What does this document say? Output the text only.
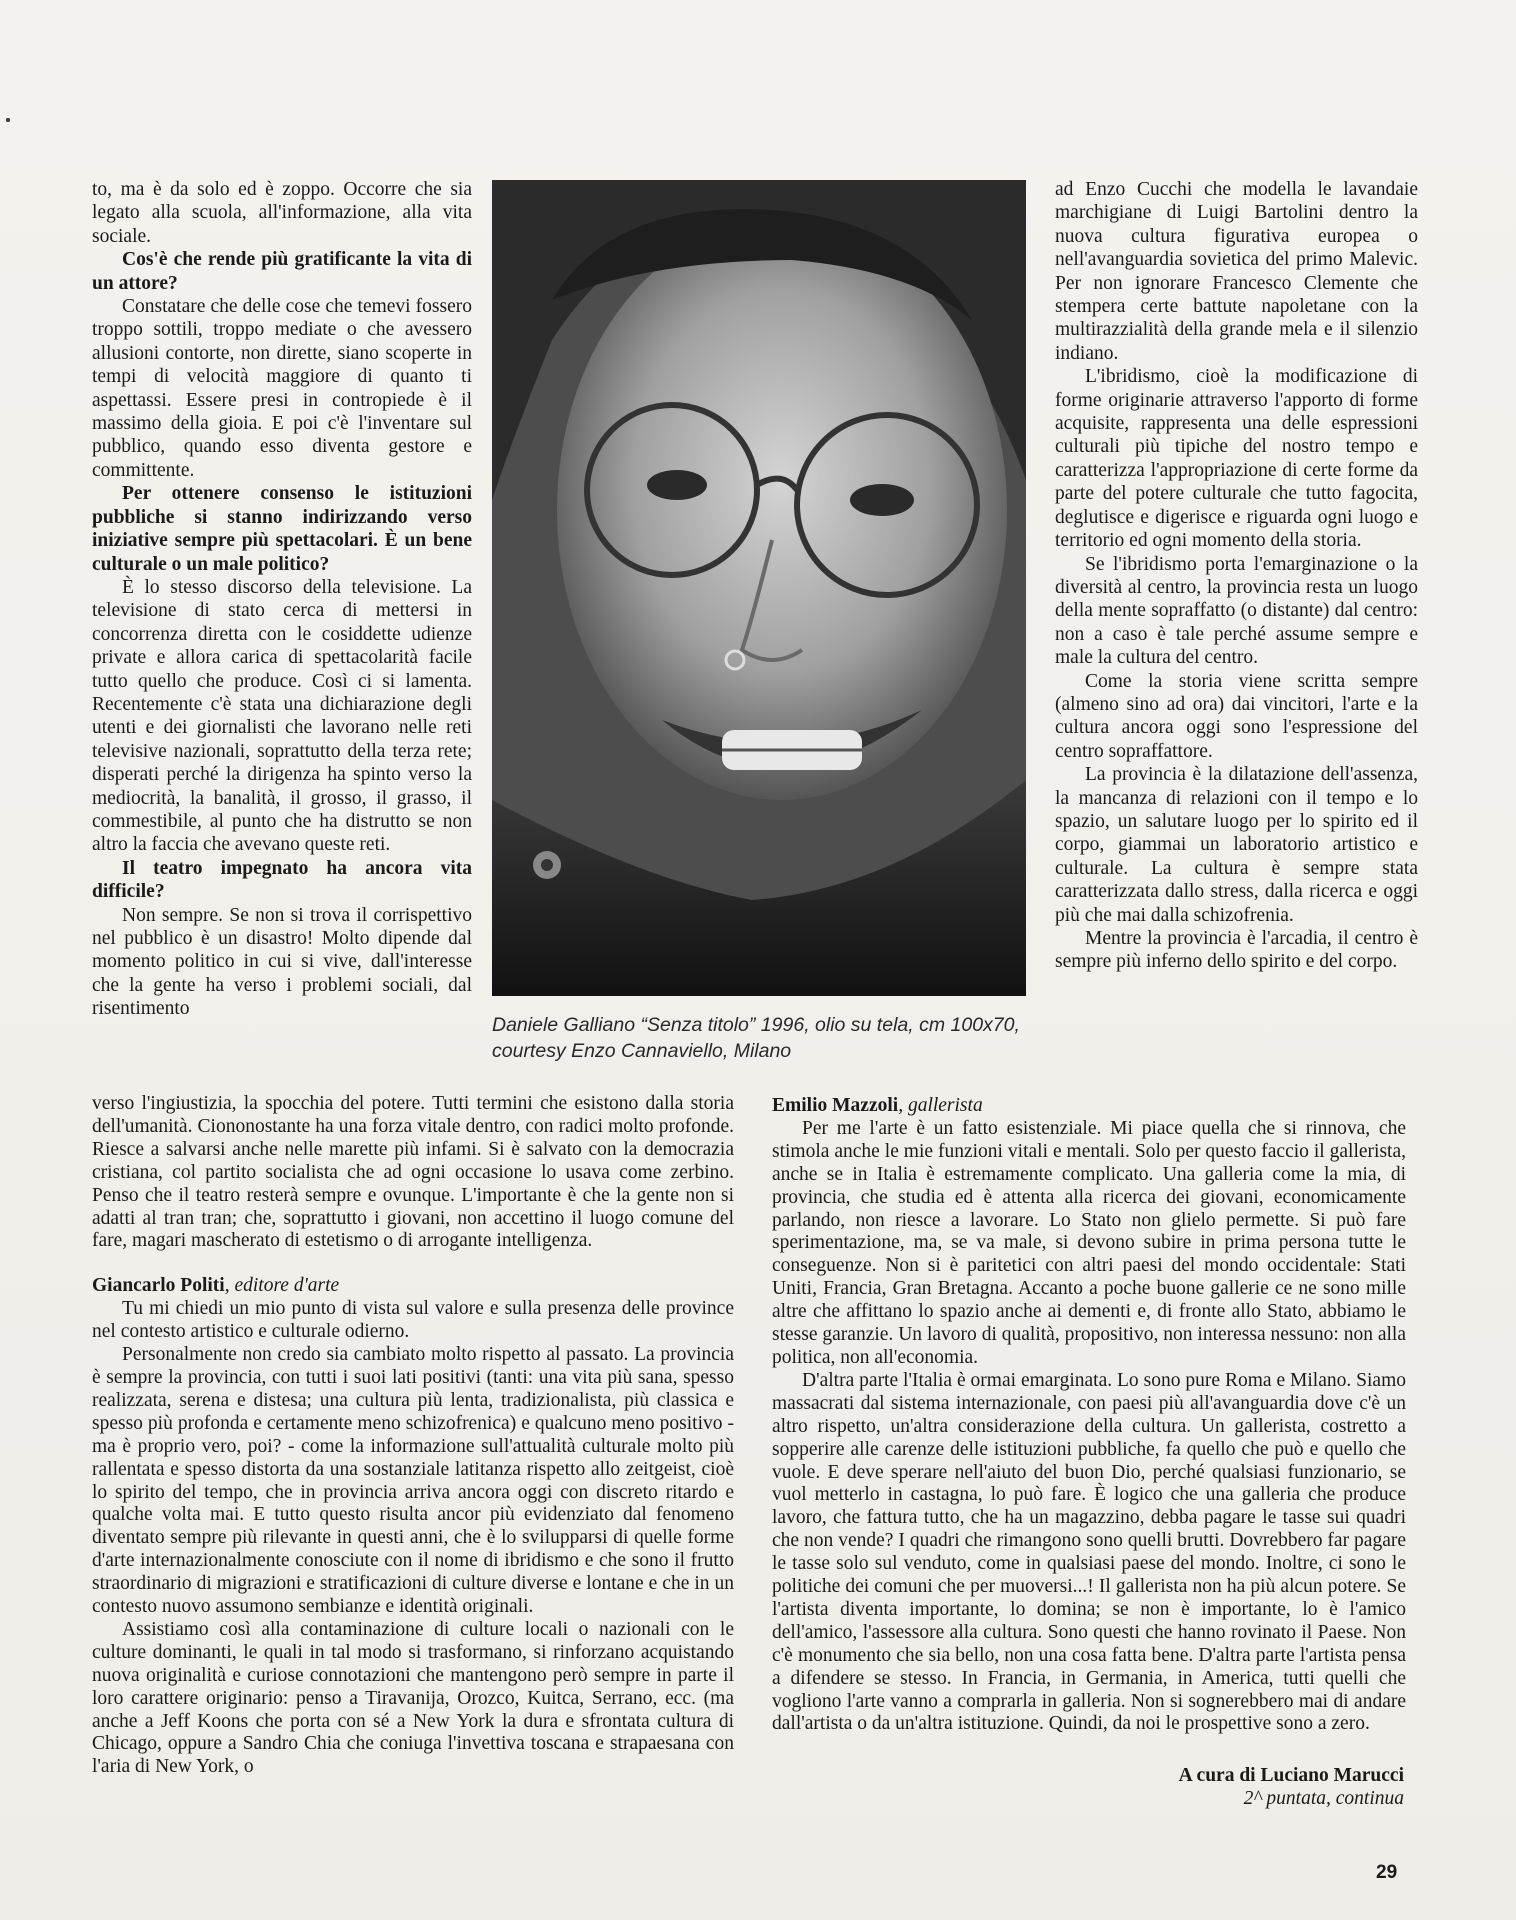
to, ma è da solo ed è zoppo. Occorre che sia legato alla scuola, all'informazione, alla vita sociale.

Cos'è che rende più gratificante la vita di un attore?

Constatare che delle cose che temevi fossero troppo sottili, troppo mediate o che avessero allusioni contorte, non dirette, siano scoperte in tempi di velocità maggiore di quanto ti aspettassi. Essere presi in contropiede è il massimo della gioia. E poi c'è l'inventare sul pubblico, quando esso diventa gestore e committente.

Per ottenere consenso le istituzioni pubbliche si stanno indirizzando verso iniziative sempre più spettacolari. È un bene culturale o un male politico?

È lo stesso discorso della televisione. La televisione di stato cerca di mettersi in concorrenza diretta con le cosiddette udienze private e allora carica di spettacolarità facile tutto quello che produce. Così ci si lamenta. Recentemente c'è stata una dichiarazione degli utenti e dei giornalisti che lavorano nelle reti televisive nazionali, soprattutto della terza rete; disperati perché la dirigenza ha spinto verso la mediocrità, la banalità, il grosso, il grasso, il commestibile, al punto che ha distrutto se non altro la faccia che avevano queste reti.

Il teatro impegnato ha ancora vita difficile?

Non sempre. Se non si trova il corrispettivo nel pubblico è un disastro! Molto dipende dal momento politico in cui si vive, dall'interesse che la gente ha verso i problemi sociali, dal risentimento

Daniele Galliano “Senza titolo” 1996, olio su tela, cm 100x70, courtesy Enzo Cannaviello, Milano

ad Enzo Cucchi che modella le lavandaie marchigiane di Luigi Bartolini dentro la nuova cultura figurativa europea o nell'avanguardia sovietica del primo Malevic. Per non ignorare Francesco Clemente che stempera certe battute napoletane con la multirazzialità della grande mela e il silenzio indiano.

L'ibridismo, cioè la modificazione di forme originarie attraverso l'apporto di forme acquisite, rappresenta una delle espressioni culturali più tipiche del nostro tempo e caratterizza l'appropriazione di certe forme da parte del potere culturale che tutto fagocita, deglutisce e digerisce e riguarda ogni luogo e territorio ed ogni momento della storia.

Se l'ibridismo porta l'emarginazione o la diversità al centro, la provincia resta un luogo della mente sopraffatto (o distante) dal centro: non a caso è tale perché assume sempre e male la cultura del centro.

Come la storia viene scritta sempre (almeno sino ad ora) dai vincitori, l'arte e la cultura ancora oggi sono l'espressione del centro sopraffattore.

La provincia è la dilatazione dell'assenza, la mancanza di relazioni con il tempo e lo spazio, un salutare luogo per lo spirito ed il corpo, giammai un laboratorio artistico e culturale. La cultura è sempre stata caratterizzata dallo stress, dalla ricerca e oggi più che mai dalla schizofrenia.

Mentre la provincia è l'arcadia, il centro è sempre più inferno dello spirito e del corpo.

verso l'ingiustizia, la spocchia del potere. Tutti termini che esistono dalla storia dell'umanità. Ciononostante ha una forza vitale dentro, con radici molto profonde. Riesce a salvarsi anche nelle marette più infami. Si è salvato con la democrazia cristiana, col partito socialista che ad ogni occasione lo usava come zerbino. Penso che il teatro resterà sempre e ovunque. L'importante è che la gente non si adatti al tran tran; che, soprattutto i giovani, non accettino il luogo comune del fare, magari mascherato di estetismo o di arrogante intelligenza.

Giancarlo Politi, editore d'arte

Tu mi chiedi un mio punto di vista sul valore e sulla presenza delle province nel contesto artistico e culturale odierno.

Personalmente non credo sia cambiato molto rispetto al passato. La provincia è sempre la provincia, con tutti i suoi lati positivi (tanti: una vita più sana, spesso realizzata, serena e distesa; una cultura più lenta, tradizionalista, più classica e spesso più profonda e certamente meno schizofrenica) e qualcuno meno positivo - ma è proprio vero, poi? - come la informazione sull'attualità culturale molto più rallentata e spesso distorta da una sostanziale latitanza rispetto allo zeitgeist, cioè lo spirito del tempo, che in provincia arriva ancora oggi con discreto ritardo e qualche volta mai. E tutto questo risulta ancor più evidenziato dal fenomeno diventato sempre più rilevante in questi anni, che è lo svilupparsi di quelle forme d'arte internazionalmente conosciute con il nome di ibridismo e che sono il frutto straordinario di migrazioni e stratificazioni di culture diverse e lontane e che in un contesto nuovo assumono sembianze e identità originali.

Assistiamo così alla contaminazione di culture locali o nazionali con le culture dominanti, le quali in tal modo si trasformano, si rinforzano acquistando nuova originalità e curiose connotazioni che mantengono però sempre in parte il loro carattere originario: penso a Tiravanija, Orozco, Kuitca, Serrano, ecc. (ma anche a Jeff Koons che porta con sé a New York la dura e sfrontata cultura di Chicago, oppure a Sandro Chia che coniuga l'invettiva toscana e strapaesana con l'aria di New York, o

Emilio Mazzoli, gallerista

Per me l'arte è un fatto esistenziale. Mi piace quella che si rinnova, che stimola anche le mie funzioni vitali e mentali. Solo per questo faccio il gallerista, anche se in Italia è estremamente complicato. Una galleria come la mia, di provincia, che studia ed è attenta alla ricerca dei giovani, economicamente parlando, non riesce a lavorare. Lo Stato non glielo permette. Si può fare sperimentazione, ma, se va male, si devono subire in prima persona tutte le conseguenze. Non si è paritetici con altri paesi del mondo occidentale: Stati Uniti, Francia, Gran Bretagna. Accanto a poche buone gallerie ce ne sono mille altre che affittano lo spazio anche ai dementi e, di fronte allo Stato, abbiamo le stesse garanzie. Un lavoro di qualità, propositivo, non interessa nessuno: non alla politica, non all'economia.

D'altra parte l'Italia è ormai emarginata. Lo sono pure Roma e Milano. Siamo massacrati dal sistema internazionale, con paesi più all'avanguardia dove c'è un altro rispetto, un'altra considerazione della cultura. Un gallerista, costretto a sopperire alle carenze delle istituzioni pubbliche, fa quello che può e quello che vuole. E deve sperare nell'aiuto del buon Dio, perché qualsiasi funzionario, se vuol metterlo in castagna, lo può fare. È logico che una galleria che produce lavoro, che fattura tutto, che ha un magazzino, debba pagare le tasse sui quadri che non vende? I quadri che rimangono sono quelli brutti. Dovrebbero far pagare le tasse solo sul venduto, come in qualsiasi paese del mondo. Inoltre, ci sono le politiche dei comuni che per muoversi...! Il gallerista non ha più alcun potere. Se l'artista diventa importante, lo domina; se non è importante, lo è l'amico dell'amico, l'assessore alla cultura. Sono questi che hanno rovinato il Paese. Non c'è monumento che sia bello, non una cosa fatta bene. D'altra parte l'artista pensa a difendere se stesso. In Francia, in Germania, in America, tutti quelli che vogliono l'arte vanno a comprarla in galleria. Non si sognerebbero mai di andare dall'artista o da un'altra istituzione. Quindi, da noi le prospettive sono a zero.

A cura di Luciano Marucci
2^ puntata, continua
29
